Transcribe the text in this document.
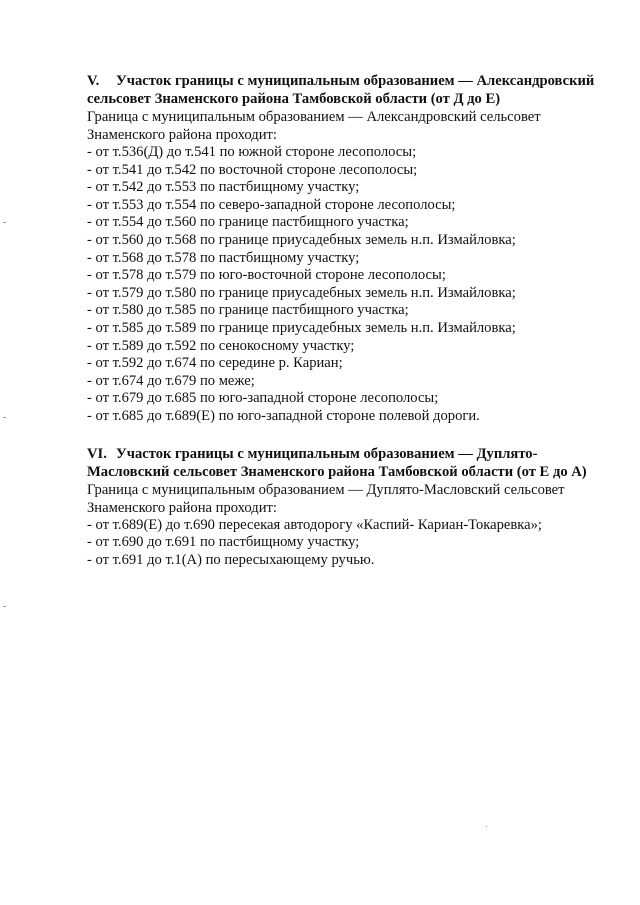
V. Участок границы с муниципальным образованием — Александровский сельсовет Знаменского района Тамбовской области (от Д до Е)

Граница с муниципальным образованием — Александровский сельсовет Знаменского района проходит:

- от т.536(Д) до т.541 по южной стороне лесополосы;
- от т.541 до т.542 по восточной стороне лесополосы;
- от т.542 до т.553 по пастбищному участку;
- от т.553 до т.554 по северо-западной стороне лесополосы;
- от т.554 до т.560 по границе пастбищного участка;
- от т.560 до т.568 по границе приусадебных земель н.п. Измайловка;
- от т.568 до т.578 по пастбищному участку;
- от т.578 до т.579 по юго-восточной стороне лесополосы;
- от т.579 до т.580 по границе приусадебных земель н.п. Измайловка;
- от т.580 до т.585 по границе пастбищного участка;
- от т.585 до т.589 по границе приусадебных земель н.п. Измайловка;
- от т.589 до т.592 по сенокосному участку;
- от т.592 до т.674 по середине р. Кариан;
- от т.674 до т.679 по меже;
- от т.679 до т.685 по юго-западной стороне лесополосы;
- от т.685 до т.689(Е) по юго-западной стороне полевой дороги.

VI. Участок границы с муниципальным образованием — Дуплято-Масловский сельсовет Знаменского района Тамбовской области (от Е до А)

Граница с муниципальным образованием — Дуплято-Масловский сельсовет Знаменского района проходит:

- от т.689(Е) до т.690 пересекая автодорогу «Каспий- Кариан-Токаревка»;
- от т.690 до т.691 по пастбищному участку;
- от т.691 до т.1(А) по пересыхающему ручью.
